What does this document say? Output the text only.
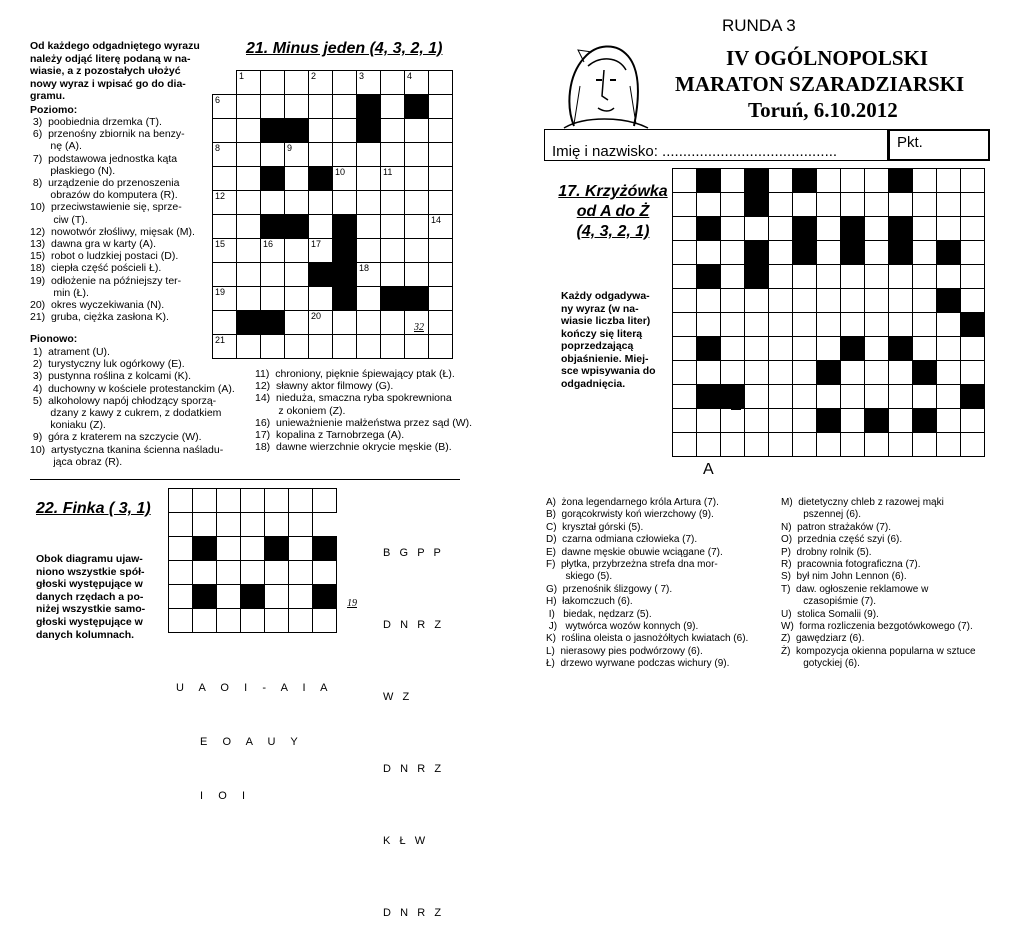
RUNDA 3
IV OGÓLNOPOLSKI
MARATON SZARADZIARSKI
Toruń, 6.10.2012
Imię i nazwisko: ..........................................
Pkt.
Od każdego odgadniętego wyrazu
należy odjąć literę podaną w na-
wiasie, a z pozostałych ułożyć
nowy wyraz i wpisać go do dia-
gramu.
Poziomo:
3)  poobiednia drzemka (T).
6)  przenośny zbiornik na benzy-
nę (A).
7)  podstawowa jednostka kąta
płaskiego (N).
8)  urządzenie do przenoszenia
obrazów do komputera (R).
10)  przeciwstawienie się, sprze-
ciw (T).
12)  nowotwór złośliwy, mięsak (M).
13)  dawna gra w karty (A).
15)  robot o ludzkiej postaci (D).
18)  ciepła część pościeli Ł).
19)  odłożenie na późniejszy ter-
min (Ł).
20)  okres wyczekiwania (N).
21)  gruba, ciężka zasłona K).
Pionowo:
1)  atrament (U).
2)  turystyczny luk ogórkowy (E).
3)  pustynna roślina z kolcami (K).
4)  duchowny w kościele protestanckim (A).
5)  alkoholowy napój chłodzący sporzą-
dzany z kawy z cukrem, z dodatkiem
koniaku (Z).
9)  góra z kraterem na szczycie (W).
10)  artystyczna tkanina ścienna naśladu-
jąca obraz (R).
11)  chroniony, pięknie śpiewający ptak (Ł).
12)  sławny aktor filmowy (G).
14)  niedużа, smaczna ryba spokrewniona
z okoniem (Z).
16)  unieważnienie małżeństwa przez sąd (W).
17)  kopalina z Tarnobrzega (A).
18)  dawne wierzchnie okrycie męskie (B).
21. Minus jeden (4, 3, 2, 1)
1	2	3	4
6
7
8	9
10	11
12
13	14
15	16	17
18
19
20
21
32
22. Finka ( 3, 1)
Obok diagramu ujaw-
niono wszystkie spół-
głoski występujące w
danych rzędach a po-
niżej wszystkie samo-
głoski występujące w
danych kolumnach.
19

B   G   P   P

D   N   R   Z

W   Z

D   N   R   Z

K   Ł   W

D   N   R   Z

U   A   O   I   -   A   I   A

E   O   A   U   Y

I   O   I

17. Krzyżówka
od A do Ż
(4, 3, 2, 1)
Każdy odgadywa-
ny wyraz (w na-
wiasie liczba liter)
kończy się literą
poprzedzającą
objaśnienie. Miej-
sce wpisywania do
odgadnięcia.
Ż
A
31
A)  żona legendarnego króla Artura (7).
B)  gorącokrwisty koń wierzchowy (9).
C)  kryształ górski (5).
D)  czarna odmiana człowieka (7).
E)  dawne męskie obuwie wciągane (7).
F)  płytka, przybrzeżna strefa dna mor-
skiego (5).
G)  przenośnik ślizgowy ( 7).
H)  łakomczuch (6).
I)   biedak, nędzarz (5).
J)   wytwórca wozów konnych (9).
K)  roślina oleista o jasnożółtych kwiatach (6).
L)  nierasowy pies podwórzowy (6).
Ł)  drzewo wyrwane podczas wichury (9).
M)  dietetyczny chleb z razowej mąki
pszennej (6).
N)  patron strażaków (7).
O)  przednia część szyi (6).
P)  drobny rolnik (5).
R)  pracownia fotograficzna (7).
S)  był nim John Lennon (6).
T)  daw. ogłoszenie reklamowe w
czasopiśmie (7).
U)  stolica Somalii (9).
W)  forma rozliczenia bezgotówkowego (7).
Z)  gawędziarz (6).
Ż)  kompozycja okienna popularna w sztuce
gotyckiej (6).
